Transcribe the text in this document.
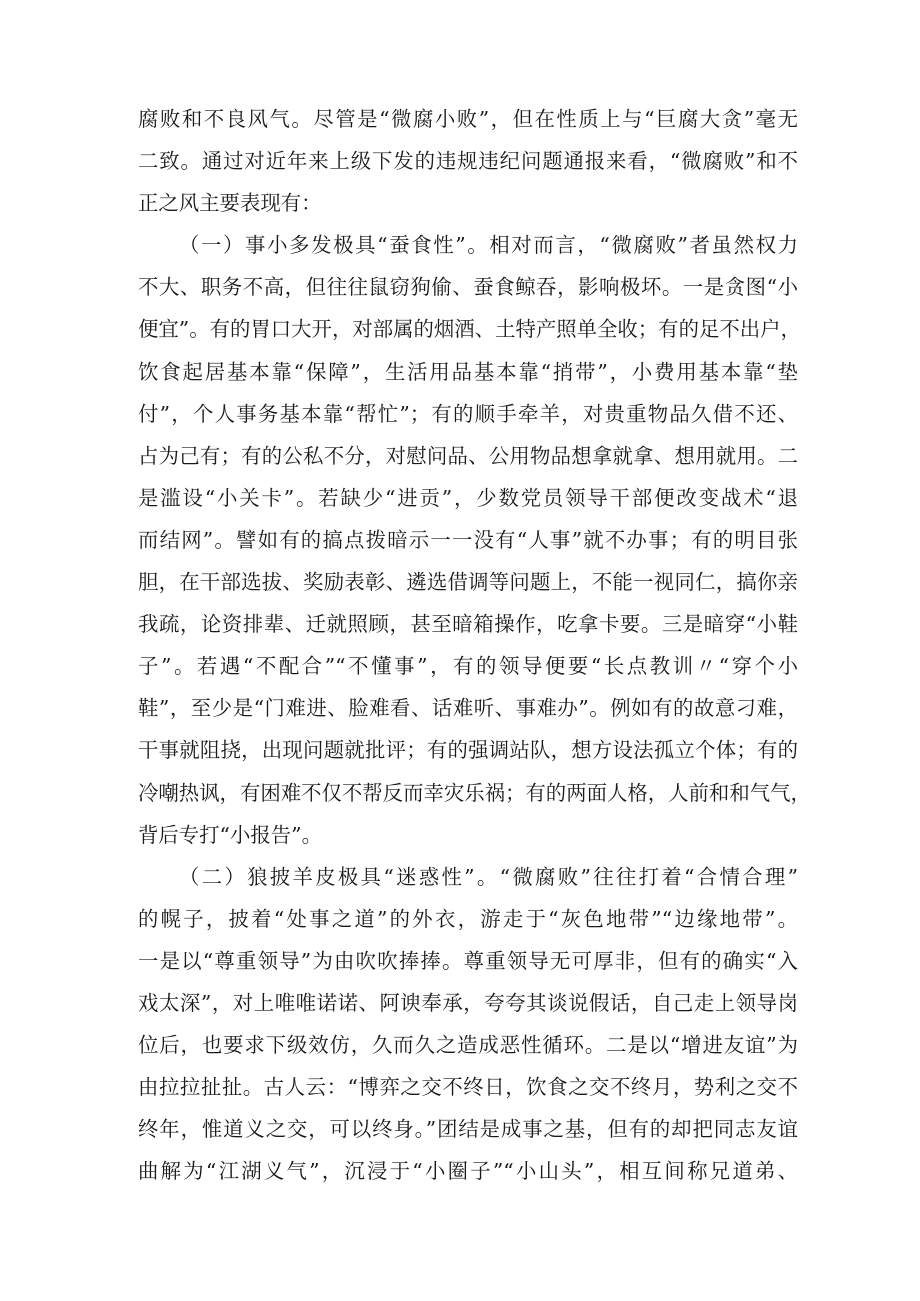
腐败和不良风气。尽管是“微腐小败”，但在性质上与“巨腐大贪”毫无
二致。通过对近年来上级下发的违规违纪问题通报来看，“微腐败”和不
正之风主要表现有：
（一）事小多发极具“蚕食性”。相对而言，“微腐败”者虽然权力
不大、职务不高，但往往鼠窃狗偷、蚕食鲸吞，影响极坏。一是贪图“小
便宜”。有的胃口大开，对部属的烟酒、土特产照单全收；有的足不出户，
饮食起居基本靠“保障”，生活用品基本靠“捎带”，小费用基本靠“垫
付”，个人事务基本靠“帮忙”；有的顺手牵羊，对贵重物品久借不还、
占为己有；有的公私不分，对慰问品、公用物品想拿就拿、想用就用。二
是滥设“小关卡”。若缺少“进贡”，少数党员领导干部便改变战术“退
而结网”。譬如有的搞点拨暗示一一没有“人事”就不办事；有的明目张
胆，在干部选拔、奖励表彰、遴选借调等问题上，不能一视同仁，搞你亲
我疏，论资排辈、迁就照顾，甚至暗箱操作，吃拿卡要。三是暗穿“小鞋
子”。若遇“不配合”“不懂事”，有的领导便要“长点教训〃“穿个小
鞋”，至少是“门难进、脸难看、话难听、事难办”。例如有的故意刁难，
干事就阻挠，出现问题就批评；有的强调站队，想方设法孤立个体；有的
冷嘲热讽，有困难不仅不帮反而幸灾乐祸；有的两面人格，人前和和气气，
背后专打“小报告”。
（二）狼披羊皮极具“迷惑性”。“微腐败”往往打着“合情合理”
的幌子，披着“处事之道”的外衣，游走于“灰色地带”“边缘地带”。
一是以“尊重领导”为由吹吹捧捧。尊重领导无可厚非，但有的确实“入
戏太深”，对上唯唯诺诺、阿谀奉承，夸夸其谈说假话，自己走上领导岗
位后，也要求下级效仿，久而久之造成恶性循环。二是以“增进友谊”为
由拉拉扯扯。古人云：“博弈之交不终日，饮食之交不终月，势利之交不
终年，惟道义之交，可以终身。”团结是成事之基，但有的却把同志友谊
曲解为“江湖义气”，沉浸于“小圈子”“小山头”，相互间称兄道弟、
